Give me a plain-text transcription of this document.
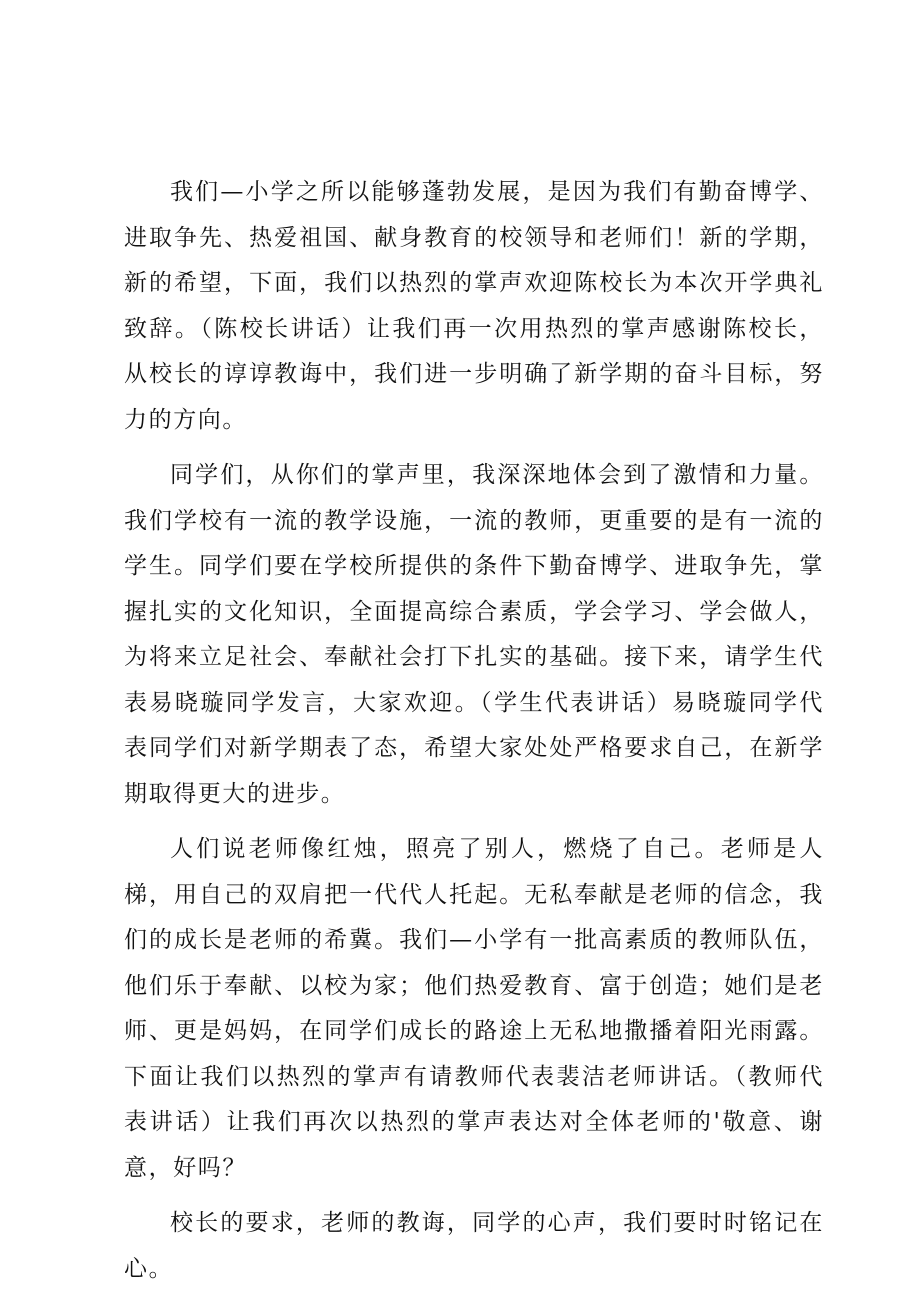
我们—小学之所以能够蓬勃发展，是因为我们有勤奋博学、进取争先、热爱祖国、献身教育的校领导和老师们！新的学期，新的希望，下面，我们以热烈的掌声欢迎陈校长为本次开学典礼致辞。（陈校长讲话）让我们再一次用热烈的掌声感谢陈校长，从校长的谆谆教诲中，我们进一步明确了新学期的奋斗目标，努力的方向。

同学们，从你们的掌声里，我深深地体会到了激情和力量。我们学校有一流的教学设施，一流的教师，更重要的是有一流的学生。同学们要在学校所提供的条件下勤奋博学、进取争先，掌握扎实的文化知识，全面提高综合素质，学会学习、学会做人，为将来立足社会、奉献社会打下扎实的基础。接下来，请学生代表易晓璇同学发言，大家欢迎。（学生代表讲话）易晓璇同学代表同学们对新学期表了态，希望大家处处严格要求自己，在新学期取得更大的进步。

人们说老师像红烛，照亮了别人，燃烧了自己。老师是人梯，用自己的双肩把一代代人托起。无私奉献是老师的信念，我们的成长是老师的希冀。我们—小学有一批高素质的教师队伍，他们乐于奉献、以校为家；他们热爱教育、富于创造；她们是老师、更是妈妈，在同学们成长的路途上无私地撒播着阳光雨露。下面让我们以热烈的掌声有请教师代表裴洁老师讲话。（教师代表讲话）让我们再次以热烈的掌声表达对全体老师的'敬意、谢意，好吗？

校长的要求，老师的教诲，同学的心声，我们要时时铭记在心。
